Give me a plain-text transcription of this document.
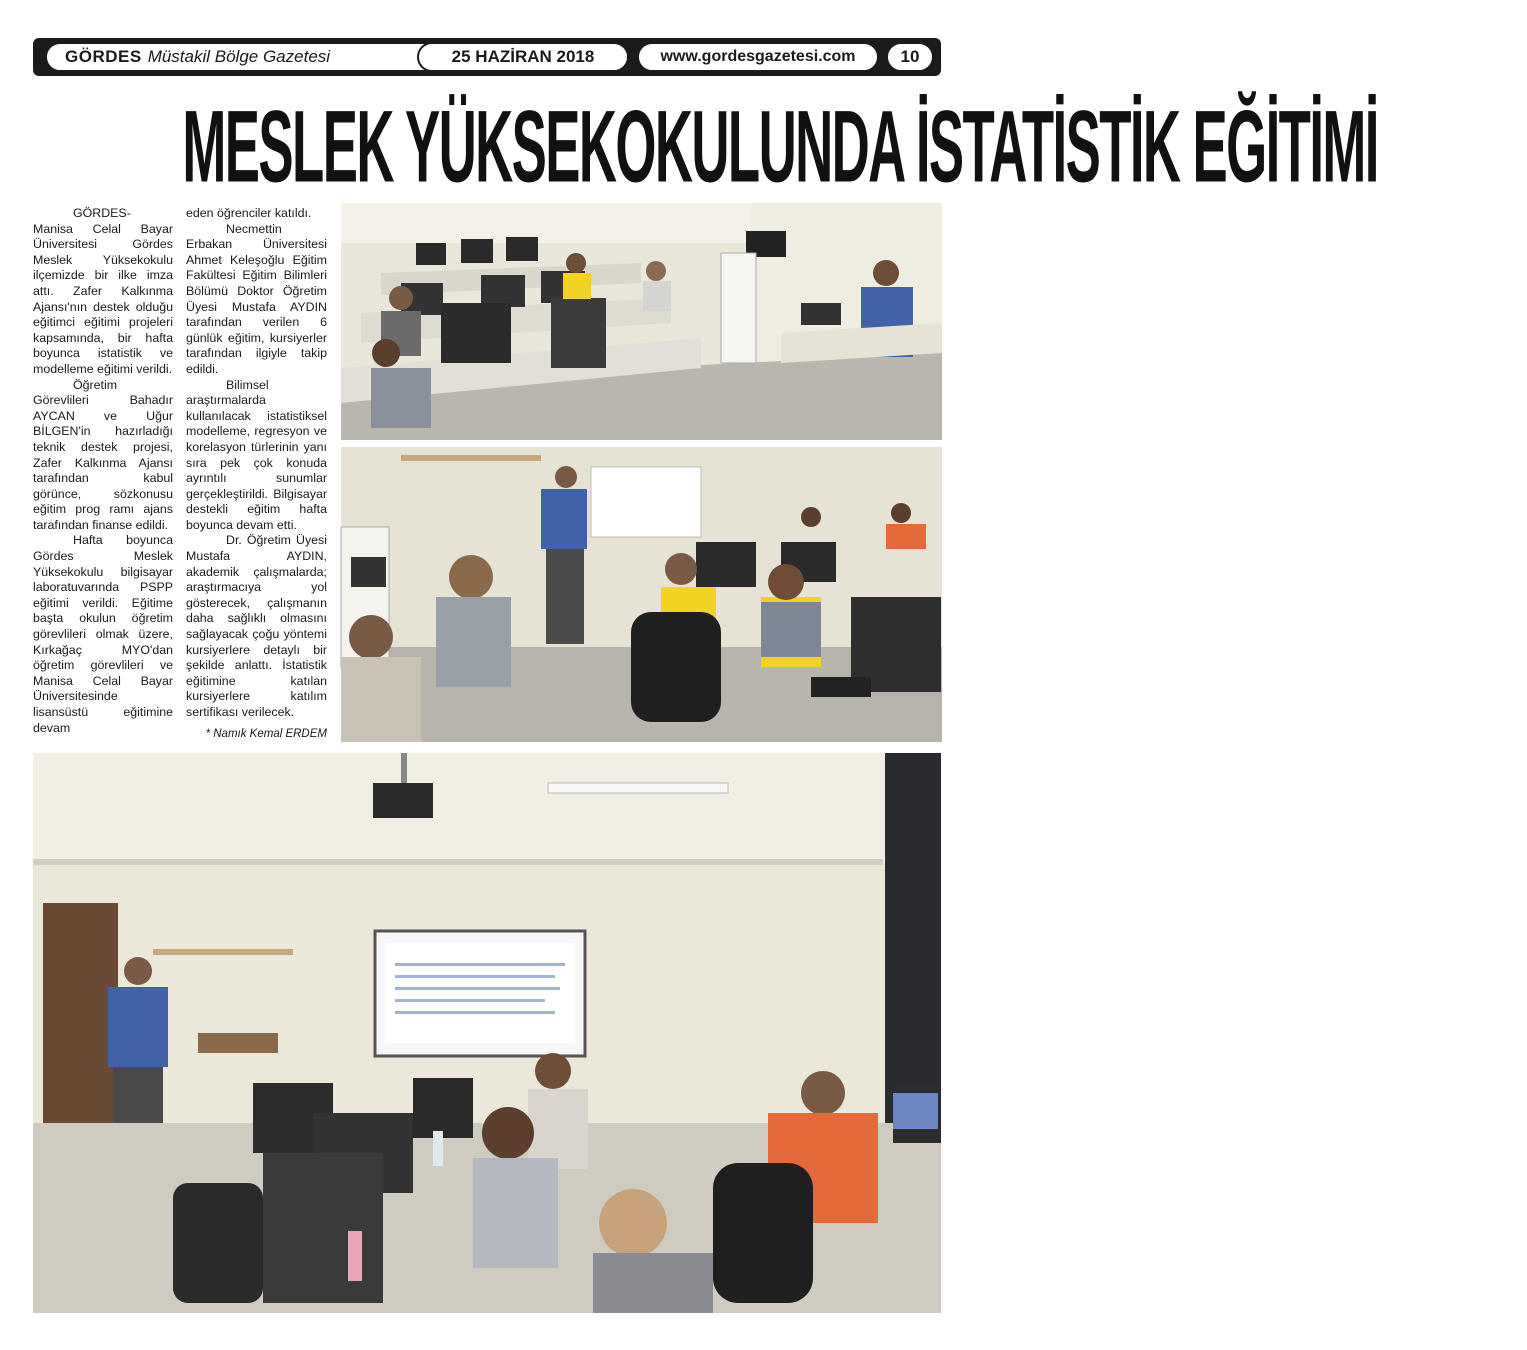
GÖRDES Müstakil Bölge Gazetesi	25 HAZİRAN 2018	www.gordesgazetesi.com	10
MESLEK YÜKSEKOKULUNDA İSTATİSTİK EĞİTİMİ

GÖRDES- Manisa Celal Bayar Üniversitesi Gördes Meslek Yüksekokulu ilçemizde bir ilke imza attı. Zafer Kalkınma Ajansı'nın destek olduğu eğitimci eğitimi projeleri kapsamında, bir hafta boyunca istatistik ve modelleme eğitimi verildi.

Öğretim Görevlileri Bahadır AYCAN ve Uğur BİLGEN'in hazırladığı teknik destek projesi, Zafer Kalkınma Ajansı tarafından kabul görünce, sözkonusu eğitim prog ramı ajans tarafından finanse edildi.

Hafta boyunca Gördes Meslek Yüksekokulu bilgisayar laboratuvarında PSPP eğitimi verildi. Eğitime başta okulun öğretim görevlileri olmak üzere, Kırkağaç MYO'dan öğretim görevlileri ve Manisa Celal Bayar Üniversitesinde lisansüstü eğitimine devam

eden öğrenciler katıldı.

Necmettin Erbakan Üniversitesi Ahmet Keleşoğlu Eğitim Fakültesi Eğitim Bilimleri Bölümü Doktor Öğretim Üyesi Mustafa AYDIN tarafından verilen 6 günlük eğitim, kursiyerler tarafından ilgiyle takip edildi.

Bilimsel araştırmalarda kullanılacak istatistiksel modelleme, regresyon ve korelasyon türlerinin yanı sıra pek çok konuda ayrıntılı sunumlar gerçekleştirildi. Bilgisayar destekli eğitim hafta boyunca devam etti.

Dr. Öğretim Üyesi Mustafa AYDIN, akademik çalışmalarda; araştırmacıya yol gösterecek, çalışmanın daha sağlıklı olmasını sağlayacak çoğu yöntemi kursiyerlere detaylı bir şekilde anlattı. İstatistik eğitimine katılan kursiyerlere katılım sertifikası verilecek.

* Namık Kemal ERDEM
